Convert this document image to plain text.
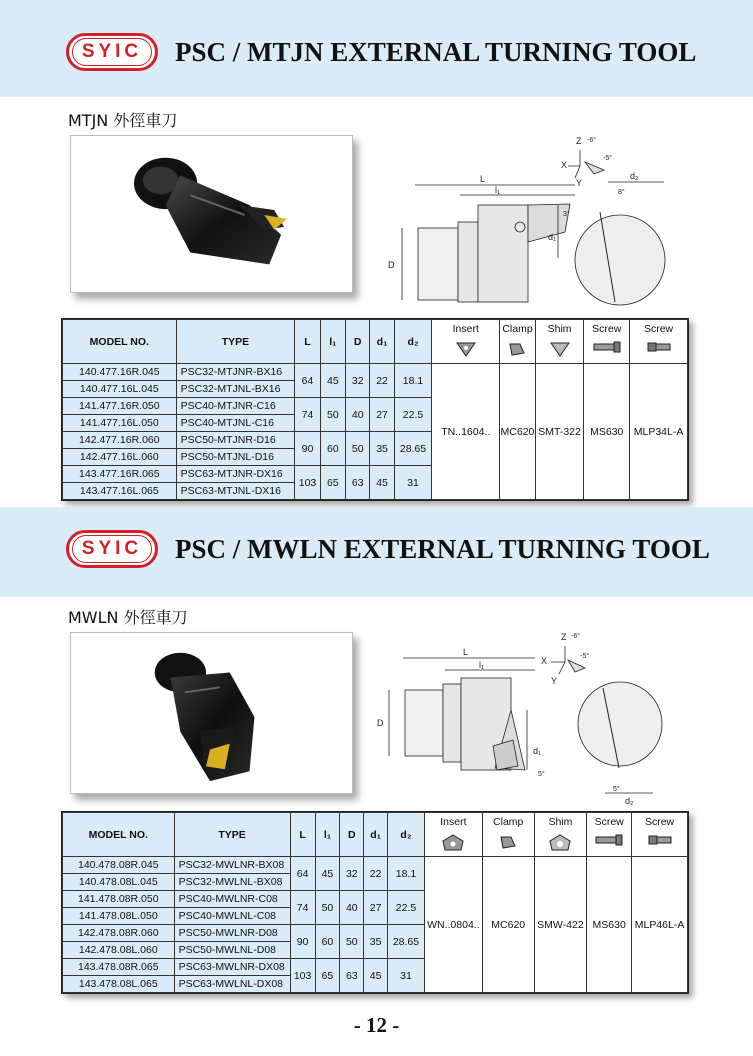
SYIC	PSC / MTJN EXTERNAL TURNING TOOL
MTJN 外徑車刀
Z
X
Y
-6°
-5°
L
l₁
D
d₁
3°
d₂
8°
MODEL NO.	TYPE	L	l₁	D	d₁	d₂	Insert	Clamp	Shim	Screw	Screw

140.477.16R.045	PSC32-MTJNR-BX16	64	45	32	22	18.1	TN..1604..	MC620	SMT-322	MS630	MLP34L-A
140.477.16L.045	PSC32-MTJNL-BX16										
141.477.16R.050	PSC40-MTJNR-C16	74	50	40	27	22.5					
141.477.16L.050	PSC40-MTJNL-C16										
142.477.16R.060	PSC50-MTJNR-D16	90	60	50	35	28.65					
142.477.16L.060	PSC50-MTJNL-D16										
143.477.16R.065	PSC63-MTJNR-DX16	103	65	63	45	31					
143.477.16L.065	PSC63-MTJNL-DX16										
SYIC	PSC / MWLN EXTERNAL TURNING TOOL
MWLN 外徑車刀
Z
X
Y
-6°
-5°
L
l₁
D
d₁
5°
d₂
5°
MODEL NO.	TYPE	L	l₁	D	d₁	d₂	Insert	Clamp	Shim	Screw	Screw

140.478.08R.045	PSC32-MWLNR-BX08	64	45	32	22	18.1	WN..0804..	MC620	SMW-422	MS630	MLP46L-A
140.478.08L.045	PSC32-MWLNL-BX08										
141.478.08R.050	PSC40-MWLNR-C08	74	50	40	27	22.5					
141.478.08L.050	PSC40-MWLNL-C08										
142.478.08R.060	PSC50-MWLNR-D08	90	60	50	35	28.65					
142.478.08L.060	PSC50-MWLNL-D08										
143.478.08R.065	PSC63-MWLNR-DX08	103	65	63	45	31					
143.478.08L.065	PSC63-MWLNL-DX08										
- 12 -
